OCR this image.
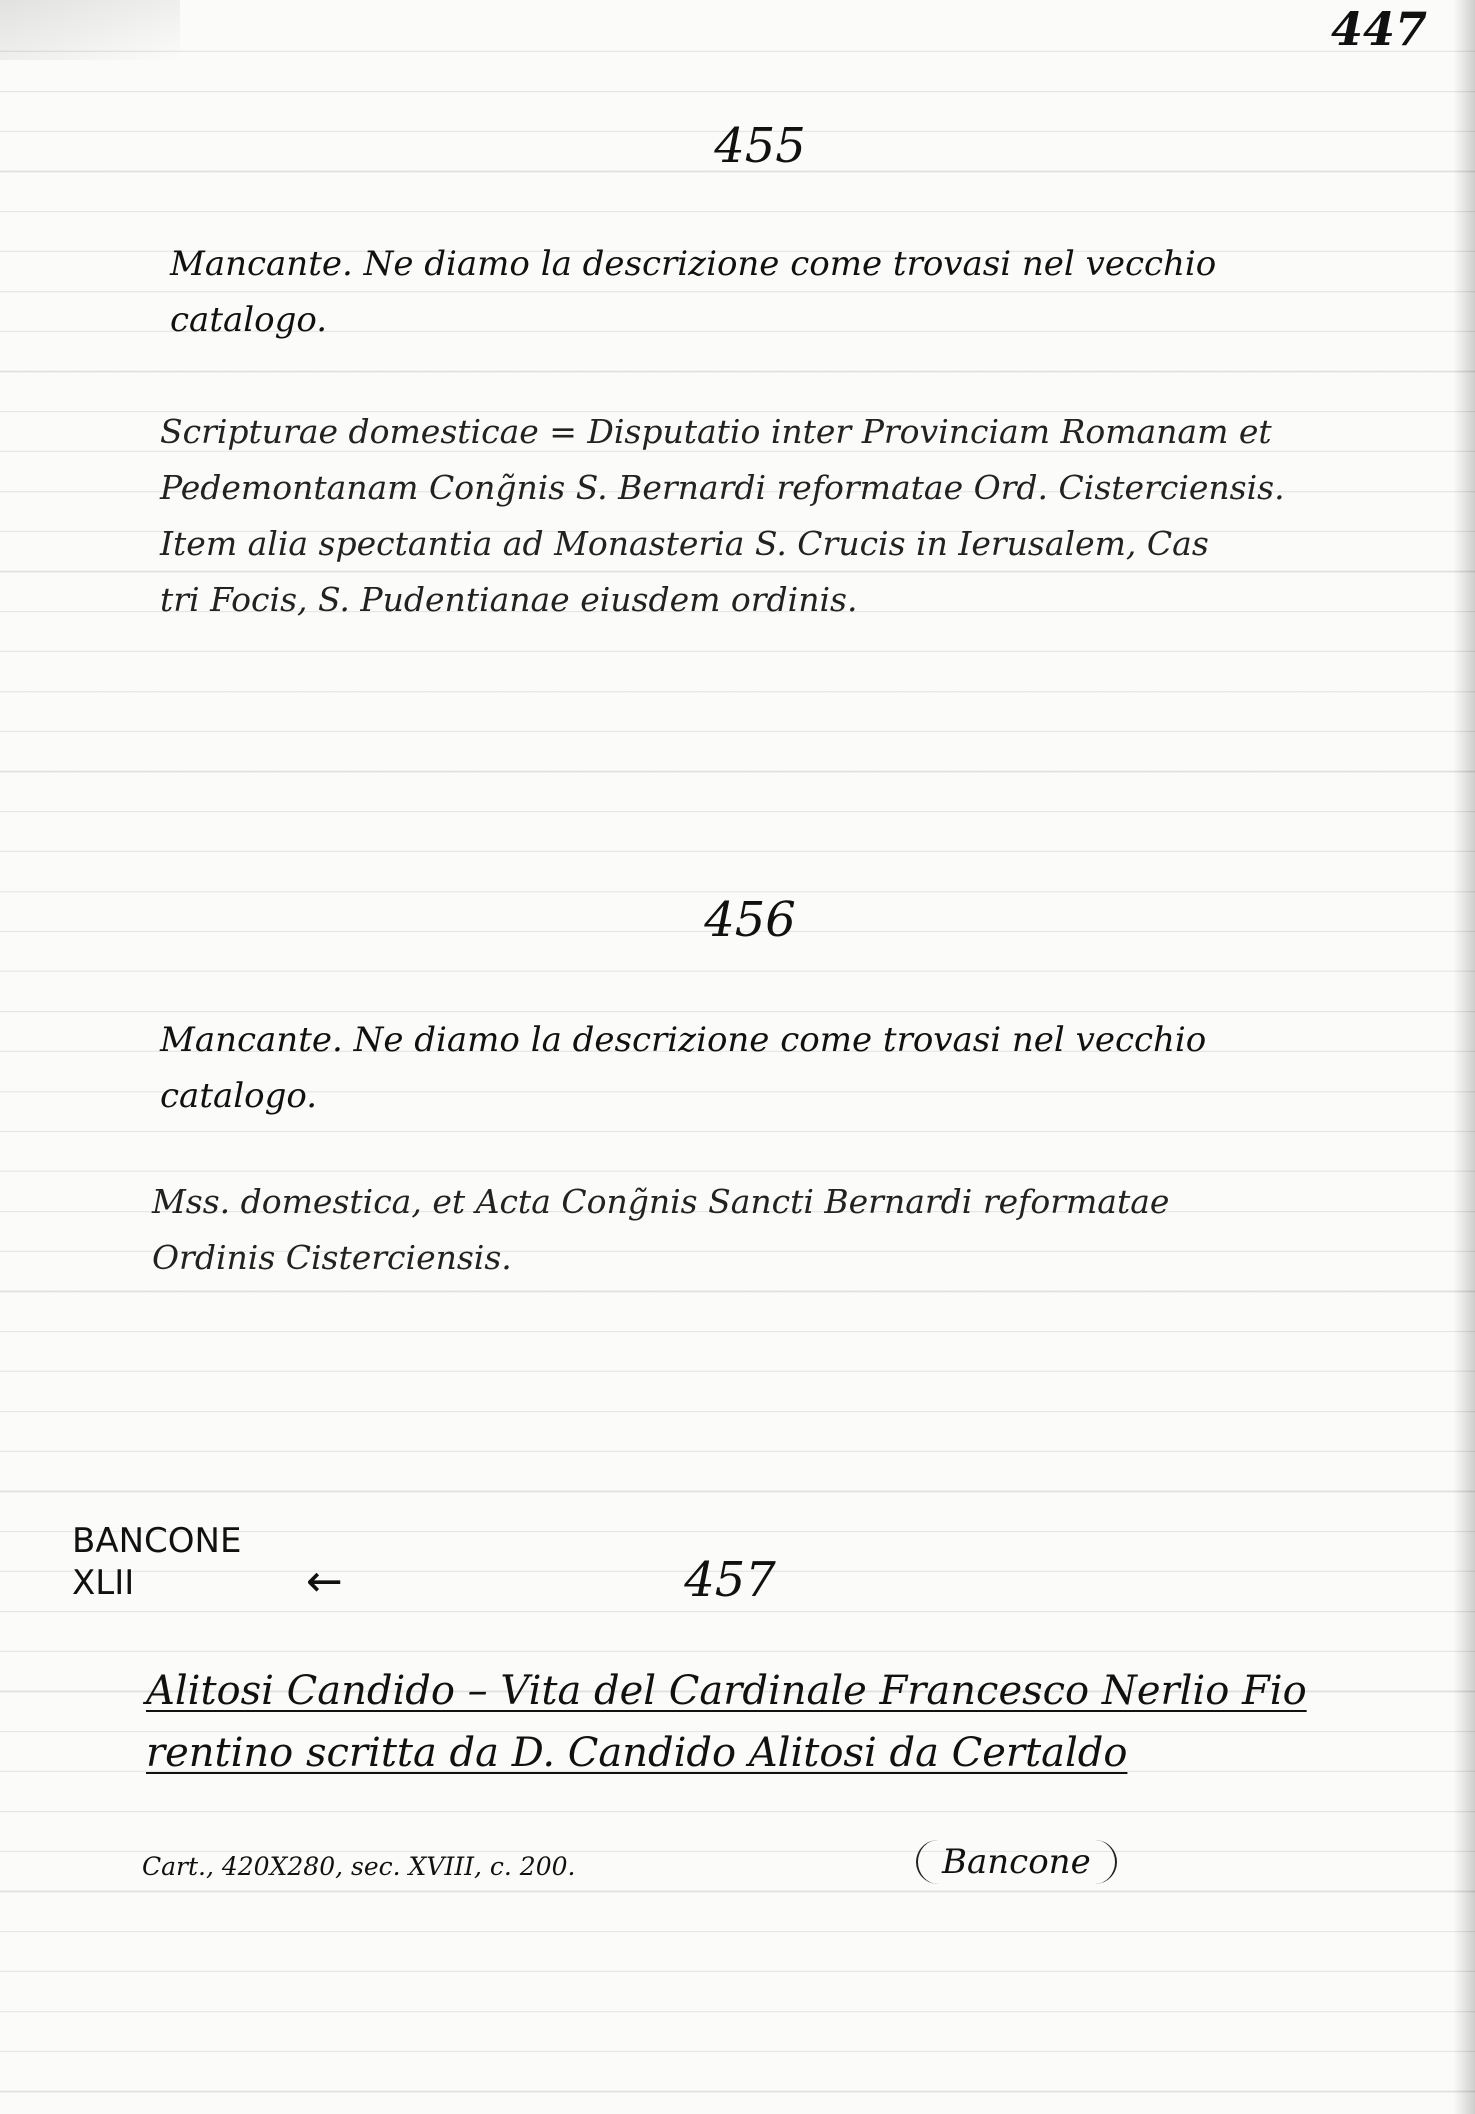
447
455

Mancante. Ne diamo la descrizione come trovasi nel vecchio

catalogo.

Scripturae domesticae = Disputatio inter Provinciam Romanam et

Pedemontanam Cong̃nis S. Bernardi reformatae Ord. Cisterciensis.

Item alia spectantia ad Monasteria S. Crucis in Ierusalem, Cas

tri Focis, S. Pudentianae eiusdem ordinis.

456

Mancante. Ne diamo la descrizione come trovasi nel vecchio

catalogo.

Mss. domestica, et Acta Cong̃nis Sancti Bernardi reformatae

Ordinis Cisterciensis.

BANCONE

XLII	←	457

Alitosi Candido – Vita del Cardinale Francesco Nerlio Fio

rentino scritta da D. Candido Alitosi da Certaldo

Cart., 420X280, sec. XVIII, c. 200.	Bancone
